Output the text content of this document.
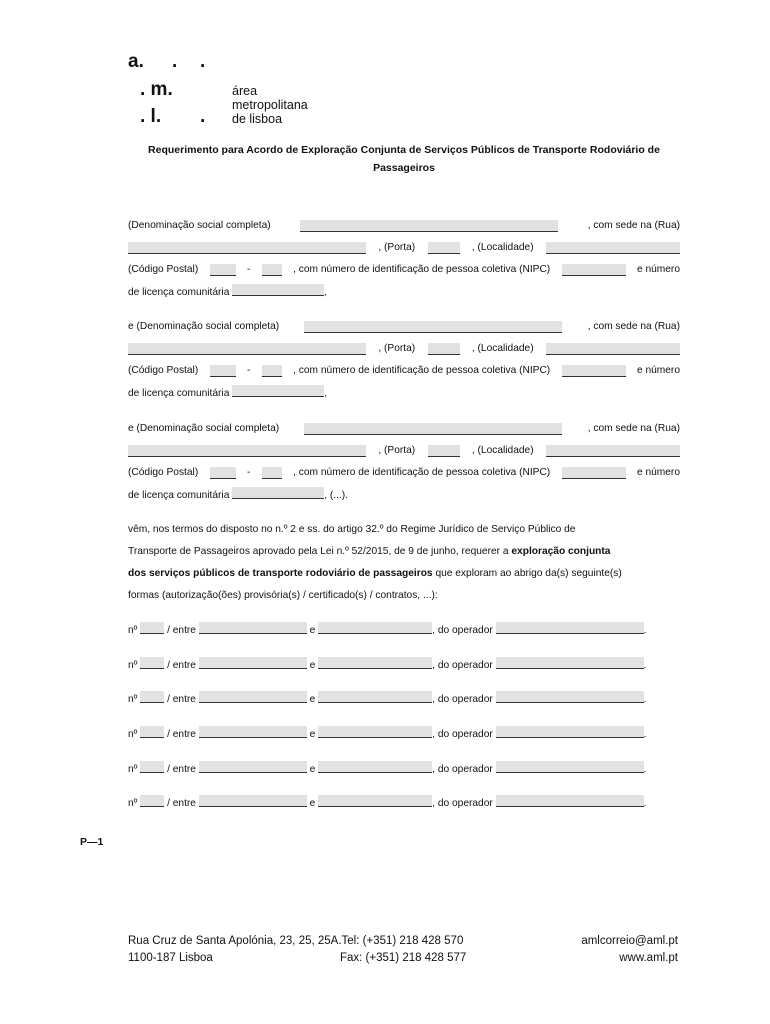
a. . .
. m.
. l. .
área
metropolitana
de lisboa
Requerimento para Acordo de Exploração Conjunta de Serviços Públicos de Transporte Rodoviário de
Passageiros
(Denominação social completa)	, com sede na (Rua)
, (Porta)	, (Localidade)
(Código Postal)	-	, com número de identificação de pessoa coletiva (NIPC)	e número
de licença comunitária	,
e (Denominação social completa)	, com sede na (Rua)
, (Porta)	, (Localidade)
(Código Postal)	-	, com número de identificação de pessoa coletiva (NIPC)	e número
de licença comunitária	,
e (Denominação social completa)	, com sede na (Rua)
, (Porta)	, (Localidade)
(Código Postal)	-	, com número de identificação de pessoa coletiva (NIPC)	e número
de licença comunitária	, (...).
vêm, nos termos do disposto no n.º 2 e ss. do artigo 32.º do Regime Jurídico de Serviço Público de
Transporte de Passageiros aprovado pela Lei n.º 52/2015, de 9 de junho, requerer a exploração conjunta
dos serviços públicos de transporte rodoviário de passageiros que exploram ao abrigo da(s) seguinte(s)
formas (autorização(ões) provisória(s) / certificado(s) / contratos, ...):
nº	/ entre	e	, do operador	.
nº	/ entre	e	, do operador	.
nº	/ entre	e	, do operador	.
nº	/ entre	e	, do operador	.
nº	/ entre	e	, do operador	.
nº	/ entre	e	, do operador	.
P—1
Rua Cruz de Santa Apolónia, 23, 25, 25A.Tel: (+351) 218 428 570
1100-187 Lisboa	Fax: (+351) 218 428 577
amlcorreio@aml.pt
www.aml.pt
